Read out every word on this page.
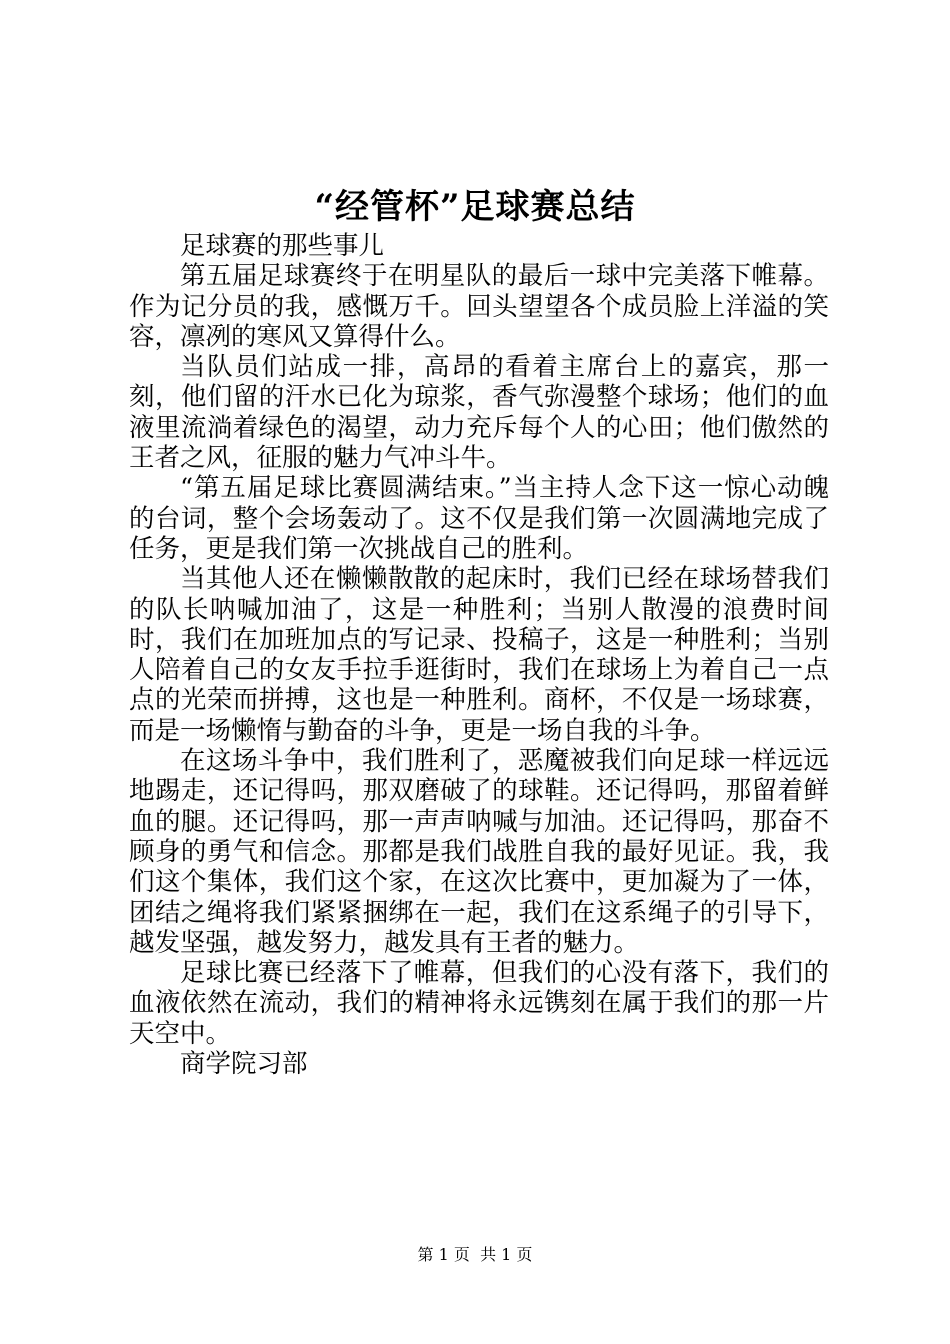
“经管杯”足球赛总结

足球赛的那些事儿

第五届足球赛终于在明星队的最后一球中完美落下帷幕。作为记分员的我，感慨万千。回头望望各个成员脸上洋溢的笑容，凛冽的寒风又算得什么。

当队员们站成一排，高昂的看着主席台上的嘉宾，那一刻，他们留的汗水已化为琼浆，香气弥漫整个球场；他们的血液里流淌着绿色的渴望，动力充斥每个人的心田；他们傲然的王者之风，征服的魅力气冲斗牛。

“第五届足球比赛圆满结束。”当主持人念下这一惊心动魄的台词，整个会场轰动了。这不仅是我们第一次圆满地完成了任务，更是我们第一次挑战自己的胜利。

当其他人还在懒懒散散的起床时，我们已经在球场替我们的队长呐喊加油了，这是一种胜利；当别人散漫的浪费时间时，我们在加班加点的写记录、投稿子，这是一种胜利；当别人陪着自己的女友手拉手逛街时，我们在球场上为着自己一点点的光荣而拼搏，这也是一种胜利。商杯，不仅是一场球赛，而是一场懒惰与勤奋的斗争，更是一场自我的斗争。

在这场斗争中，我们胜利了，恶魔被我们向足球一样远远地踢走，还记得吗，那双磨破了的球鞋。还记得吗，那留着鲜血的腿。还记得吗，那一声声呐喊与加油。还记得吗，那奋不顾身的勇气和信念。那都是我们战胜自我的最好见证。我，我们这个集体，我们这个家，在这次比赛中，更加凝为了一体，团结之绳将我们紧紧捆绑在一起，我们在这系绳子的引导下，越发坚强，越发努力，越发具有王者的魅力。

足球比赛已经落下了帷幕，但我们的心没有落下，我们的血液依然在流动，我们的精神将永远镌刻在属于我们的那一片天空中。

商学院习部

第 1 页 共 1 页
